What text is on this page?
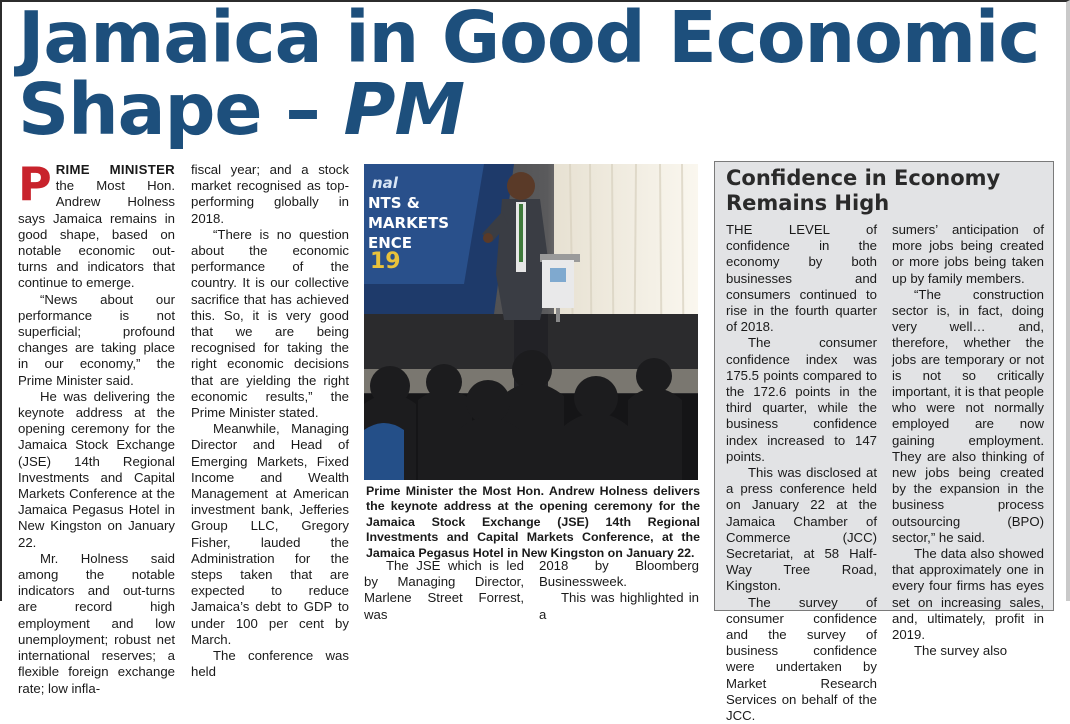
Jamaica in Good Economic
Shape – PM

PRIME MINISTER the Most Hon. Andrew Holness says Jamaica remains in good shape, based on notable economic out-turns and indicators that continue to emerge.

“News about our performance is not superficial; profound changes are taking place in our economy,” the Prime Minister said.

He was delivering the keynote address at the opening ceremony for the Jamaica Stock Exchange (JSE) 14th Regional Investments and Capital Markets Conference at the Jamaica Pegasus Hotel in New Kingston on January 22.

Mr. Holness said among the notable indicators and out-turns are record high employment and low unemployment; robust net international reserves; a flexible foreign exchange rate; low infla-

fiscal year; and a stock market recognised as top-performing globally in 2018.

“There is no question about the economic performance of the country. It is our collective sacrifice that has achieved this. So, it is very good that we are being recognised for taking the right economic decisions that are yielding the right economic results,” the Prime Minister stated.

Meanwhile, Managing Director and Head of Emerging Markets, Fixed Income and Wealth Management at American investment bank, Jefferies Group LLC, Gregory Fisher, lauded the Administration for the steps taken that are expected to reduce Jamaica’s debt to GDP to under 100 per cent by March.

The conference was held

nal
NTS &
MARKETS
ENCE
19
Prime Minister the Most Hon. Andrew Holness delivers the keynote address at the opening ceremony for the Jamaica Stock Exchange (JSE) 14th Regional Investments and Capital Markets Conference, at the Jamaica Pegasus Hotel in New Kingston on January 22.

The JSE which is led by Managing Director, Marlene Street Forrest, was

2018 by Bloomberg Businessweek.

This was highlighted in a

Confidence in Economy Remains High

THE LEVEL of confidence in the economy by both businesses and consumers continued to rise in the fourth quarter of 2018.

The consumer confidence index was 175.5 points compared to the 172.6 points in the third quarter, while the business confidence index increased to 147 points.

This was disclosed at a press conference held on January 22 at the Jamaica Chamber of Commerce (JCC) Secretariat, at 58 Half-Way Tree Road, Kingston.

The survey of consumer confidence and the survey of business confidence were undertaken by Market Research Services on behalf of the JCC.

sumers’ anticipation of more jobs being created or more jobs being taken up by family members.

“The construction sector is, in fact, doing very well… and, therefore, whether the jobs are temporary or not is not so critically important, it is that people who were not normally employed are now gaining employment. They are also thinking of new jobs being created by the expansion in the business process outsourcing (BPO) sector,” he said.

The data also showed that approximately one in every four firms has eyes set on increasing sales, and, ultimately, profit in 2019.

The survey also
